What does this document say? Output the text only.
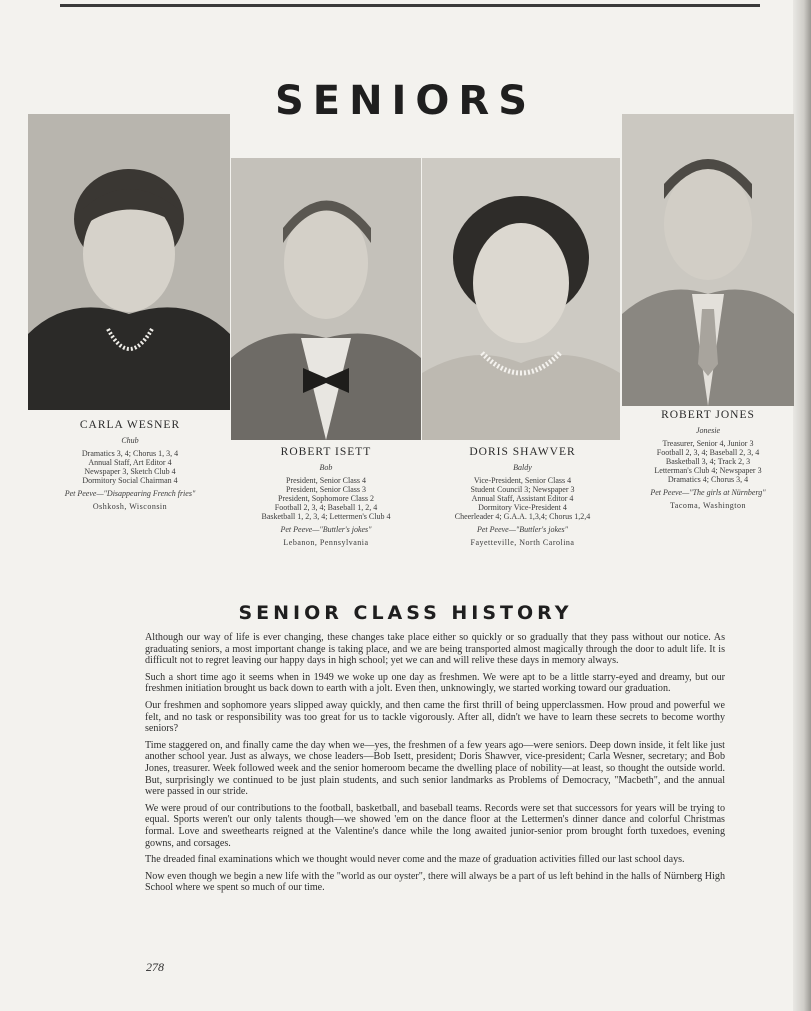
SENIORS
CARLA WESNER
Chub
Dramatics 3, 4; Chorus 1, 3, 4
Annual Staff, Art Editor 4
Newspaper 3, Sketch Club 4
Dormitory Social Chairman 4
Pet Peeve—"Disappearing French fries"
Oshkosh, Wisconsin
ROBERT ISETT
Bob
President, Senior Class 4
President, Senior Class 3
President, Sophomore Class 2
Football 2, 3, 4; Baseball 1, 2, 4
Basketball 1, 2, 3, 4; Lettermen's Club 4
Pet Peeve—"Buttler's jokes"
Lebanon, Pennsylvania
DORIS SHAWVER
Baldy
Vice-President, Senior Class 4
Student Council 3; Newspaper 3
Annual Staff, Assistant Editor 4
Dormitory Vice-President 4
Cheerleader 4; G.A.A. 1,3,4; Chorus 1,2,4
Pet Peeve—"Buttler's jokes"
Fayetteville, North Carolina
ROBERT JONES
Jonesie
Treasurer, Senior 4, Junior 3
Football 2, 3, 4; Baseball 2, 3, 4
Basketball 3, 4; Track 2, 3
Letterman's Club 4; Newspaper 3
Dramatics 4; Chorus 3, 4
Pet Peeve—"The girls at Nürnberg"
Tacoma, Washington
SENIOR CLASS HISTORY

Although our way of life is ever changing, these changes take place either so quickly or so gradually that they pass without our notice. As graduating seniors, a most important change is taking place, and we are being transported almost magically through the door to adult life. It is difficult not to regret leaving our happy days in high school; yet we can and will relive these days in memory always.

Such a short time ago it seems when in 1949 we woke up one day as freshmen. We were apt to be a little starry-eyed and dreamy, but our freshmen initiation brought us back down to earth with a jolt. Even then, unknowingly, we started working toward our graduation.

Our freshmen and sophomore years slipped away quickly, and then came the first thrill of being upperclassmen. How proud and powerful we felt, and no task or responsibility was too great for us to tackle vigorously. After all, didn't we have to learn these secrets to become worthy seniors?

Time staggered on, and finally came the day when we—yes, the freshmen of a few years ago—were seniors. Deep down inside, it felt like just another school year. Just as always, we chose leaders—Bob Isett, president; Doris Shawver, vice-president; Carla Wesner, secretary; and Bob Jones, treasurer. Week followed week and the senior homeroom became the dwelling place of nobility—at least, so thought the outside world. But, surprisingly we continued to be just plain students, and such senior landmarks as Problems of Democracy, "Macbeth", and the annual were passed in our stride.

We were proud of our contributions to the football, basketball, and baseball teams. Records were set that successors for years will be trying to equal. Sports weren't our only talents though—we showed 'em on the dance floor at the Lettermen's dinner dance and colorful Christmas formal. Love and sweethearts reigned at the Valentine's dance while the long awaited junior-senior prom brought forth tuxedoes, evening gowns, and corsages.

The dreaded final examinations which we thought would never come and the maze of graduation activities filled our last school days.

Now even though we begin a new life with the "world as our oyster", there will always be a part of us left behind in the halls of Nürnberg High School where we spent so much of our time.

278
